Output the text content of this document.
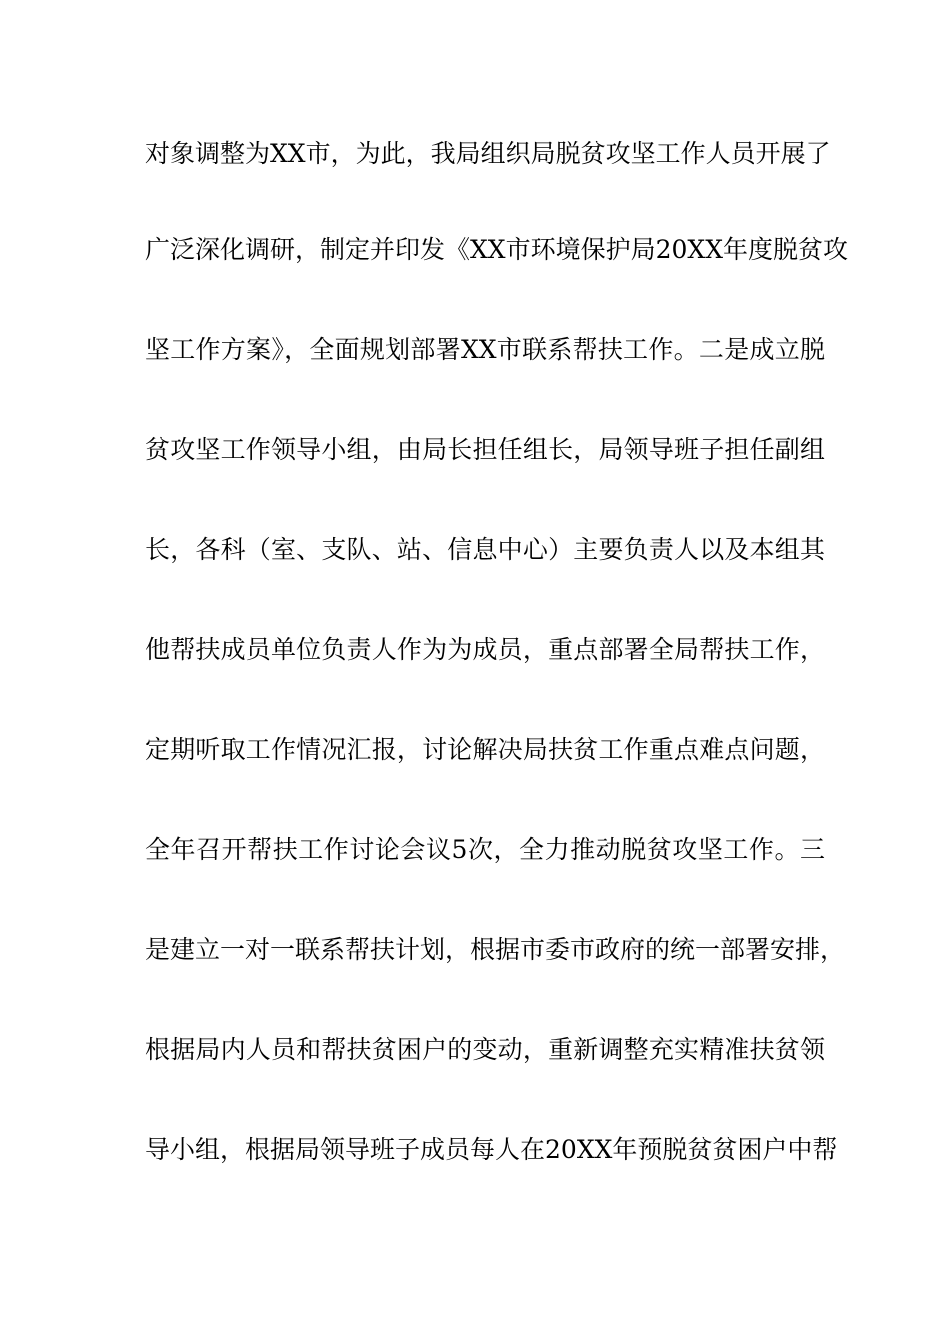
对象调整为XX市，为此，我局组织局脱贫攻坚工作人员开展了
广泛深化调研，制定并印发《XX市环境保护局20XX年度脱贫攻
坚工作方案》，全面规划部署XX市联系帮扶工作。二是成立脱
贫攻坚工作领导小组，由局长担任组长，局领导班子担任副组
长，各科（室、支队、站、信息中心）主要负责人以及本组其
他帮扶成员单位负责人作为为成员，重点部署全局帮扶工作，
定期听取工作情况汇报，讨论解决局扶贫工作重点难点问题，
全年召开帮扶工作讨论会议5次，全力推动脱贫攻坚工作。三
是建立一对一联系帮扶计划，根据市委市政府的统一部署安排，
根据局内人员和帮扶贫困户的变动，重新调整充实精准扶贫领
导小组，根据局领导班子成员每人在20XX年预脱贫贫困户中帮
